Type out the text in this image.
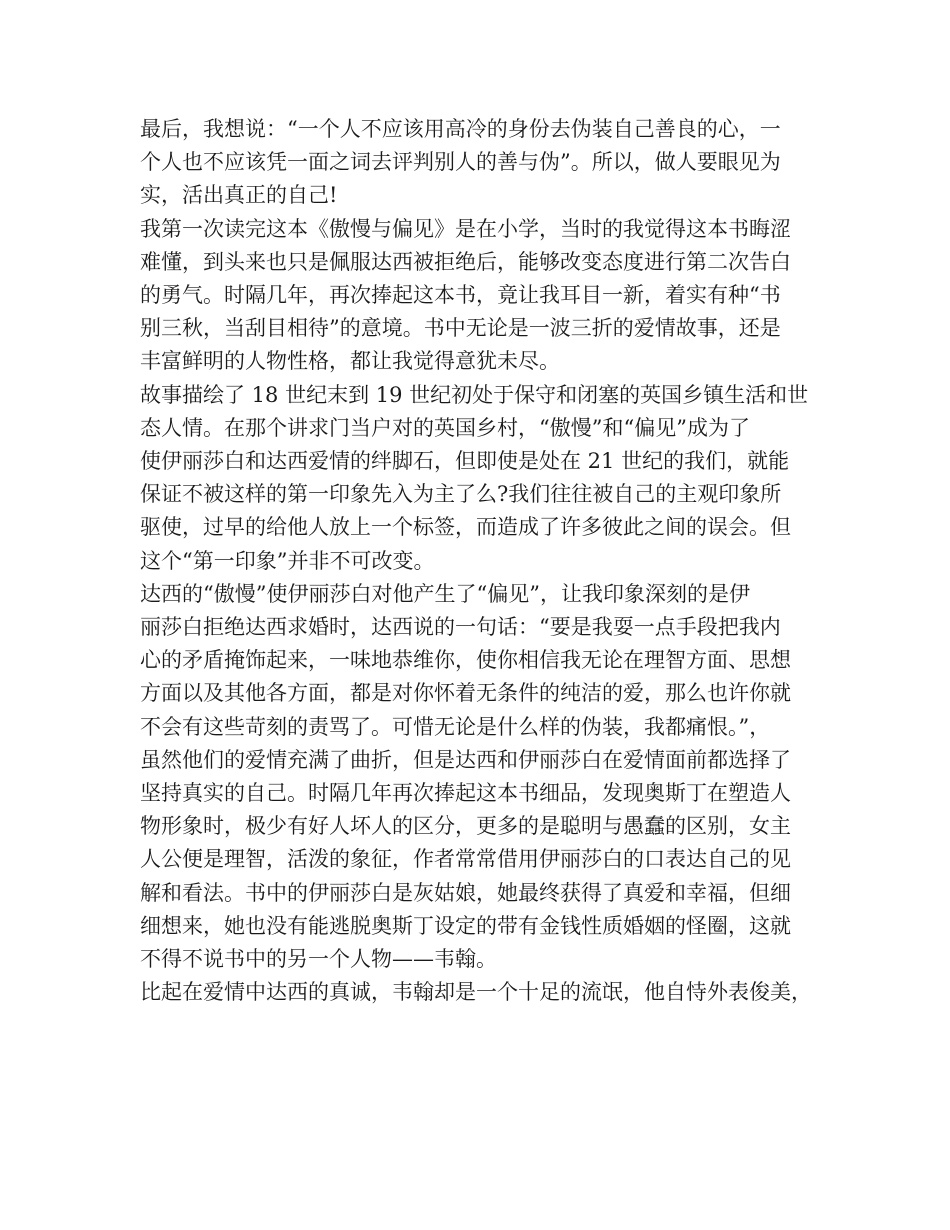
最后，我想说：“一个人不应该用高冷的身份去伪装自己善良的心，一
个人也不应该凭一面之词去评判别人的善与伪”。所以，做人要眼见为
实，活出真正的自己!

我第一次读完这本《傲慢与偏见》是在小学，当时的我觉得这本书晦涩
难懂，到头来也只是佩服达西被拒绝后，能够改变态度进行第二次告白
的勇气。时隔几年，再次捧起这本书，竟让我耳目一新，着实有种“书
别三秋，当刮目相待”的意境。书中无论是一波三折的爱情故事，还是
丰富鲜明的人物性格，都让我觉得意犹未尽。

故事描绘了 18 世纪末到 19 世纪初处于保守和闭塞的英国乡镇生活和世
态人情。在那个讲求门当户对的英国乡村，“傲慢”和“偏见”成为了
使伊丽莎白和达西爱情的绊脚石，但即使是处在 21 世纪的我们，就能
保证不被这样的第一印象先入为主了么?我们往往被自己的主观印象所
驱使，过早的给他人放上一个标签，而造成了许多彼此之间的误会。但
这个“第一印象”并非不可改变。

达西的“傲慢”使伊丽莎白对他产生了“偏见”，让我印象深刻的是伊
丽莎白拒绝达西求婚时，达西说的一句话：“要是我耍一点手段把我内
心的矛盾掩饰起来，一味地恭维你，使你相信我无论在理智方面、思想
方面以及其他各方面，都是对你怀着无条件的纯洁的爱，那么也许你就
不会有这些苛刻的责骂了。可惜无论是什么样的伪装，我都痛恨。”，
虽然他们的爱情充满了曲折，但是达西和伊丽莎白在爱情面前都选择了
坚持真实的自己。时隔几年再次捧起这本书细品，发现奥斯丁在塑造人
物形象时，极少有好人坏人的区分，更多的是聪明与愚蠢的区别，女主
人公便是理智，活泼的象征，作者常常借用伊丽莎白的口表达自己的见
解和看法。书中的伊丽莎白是灰姑娘，她最终获得了真爱和幸福，但细
细想来，她也没有能逃脱奥斯丁设定的带有金钱性质婚姻的怪圈，这就
不得不说书中的另一个人物——韦翰。

比起在爱情中达西的真诚，韦翰却是一个十足的流氓，他自恃外表俊美，
